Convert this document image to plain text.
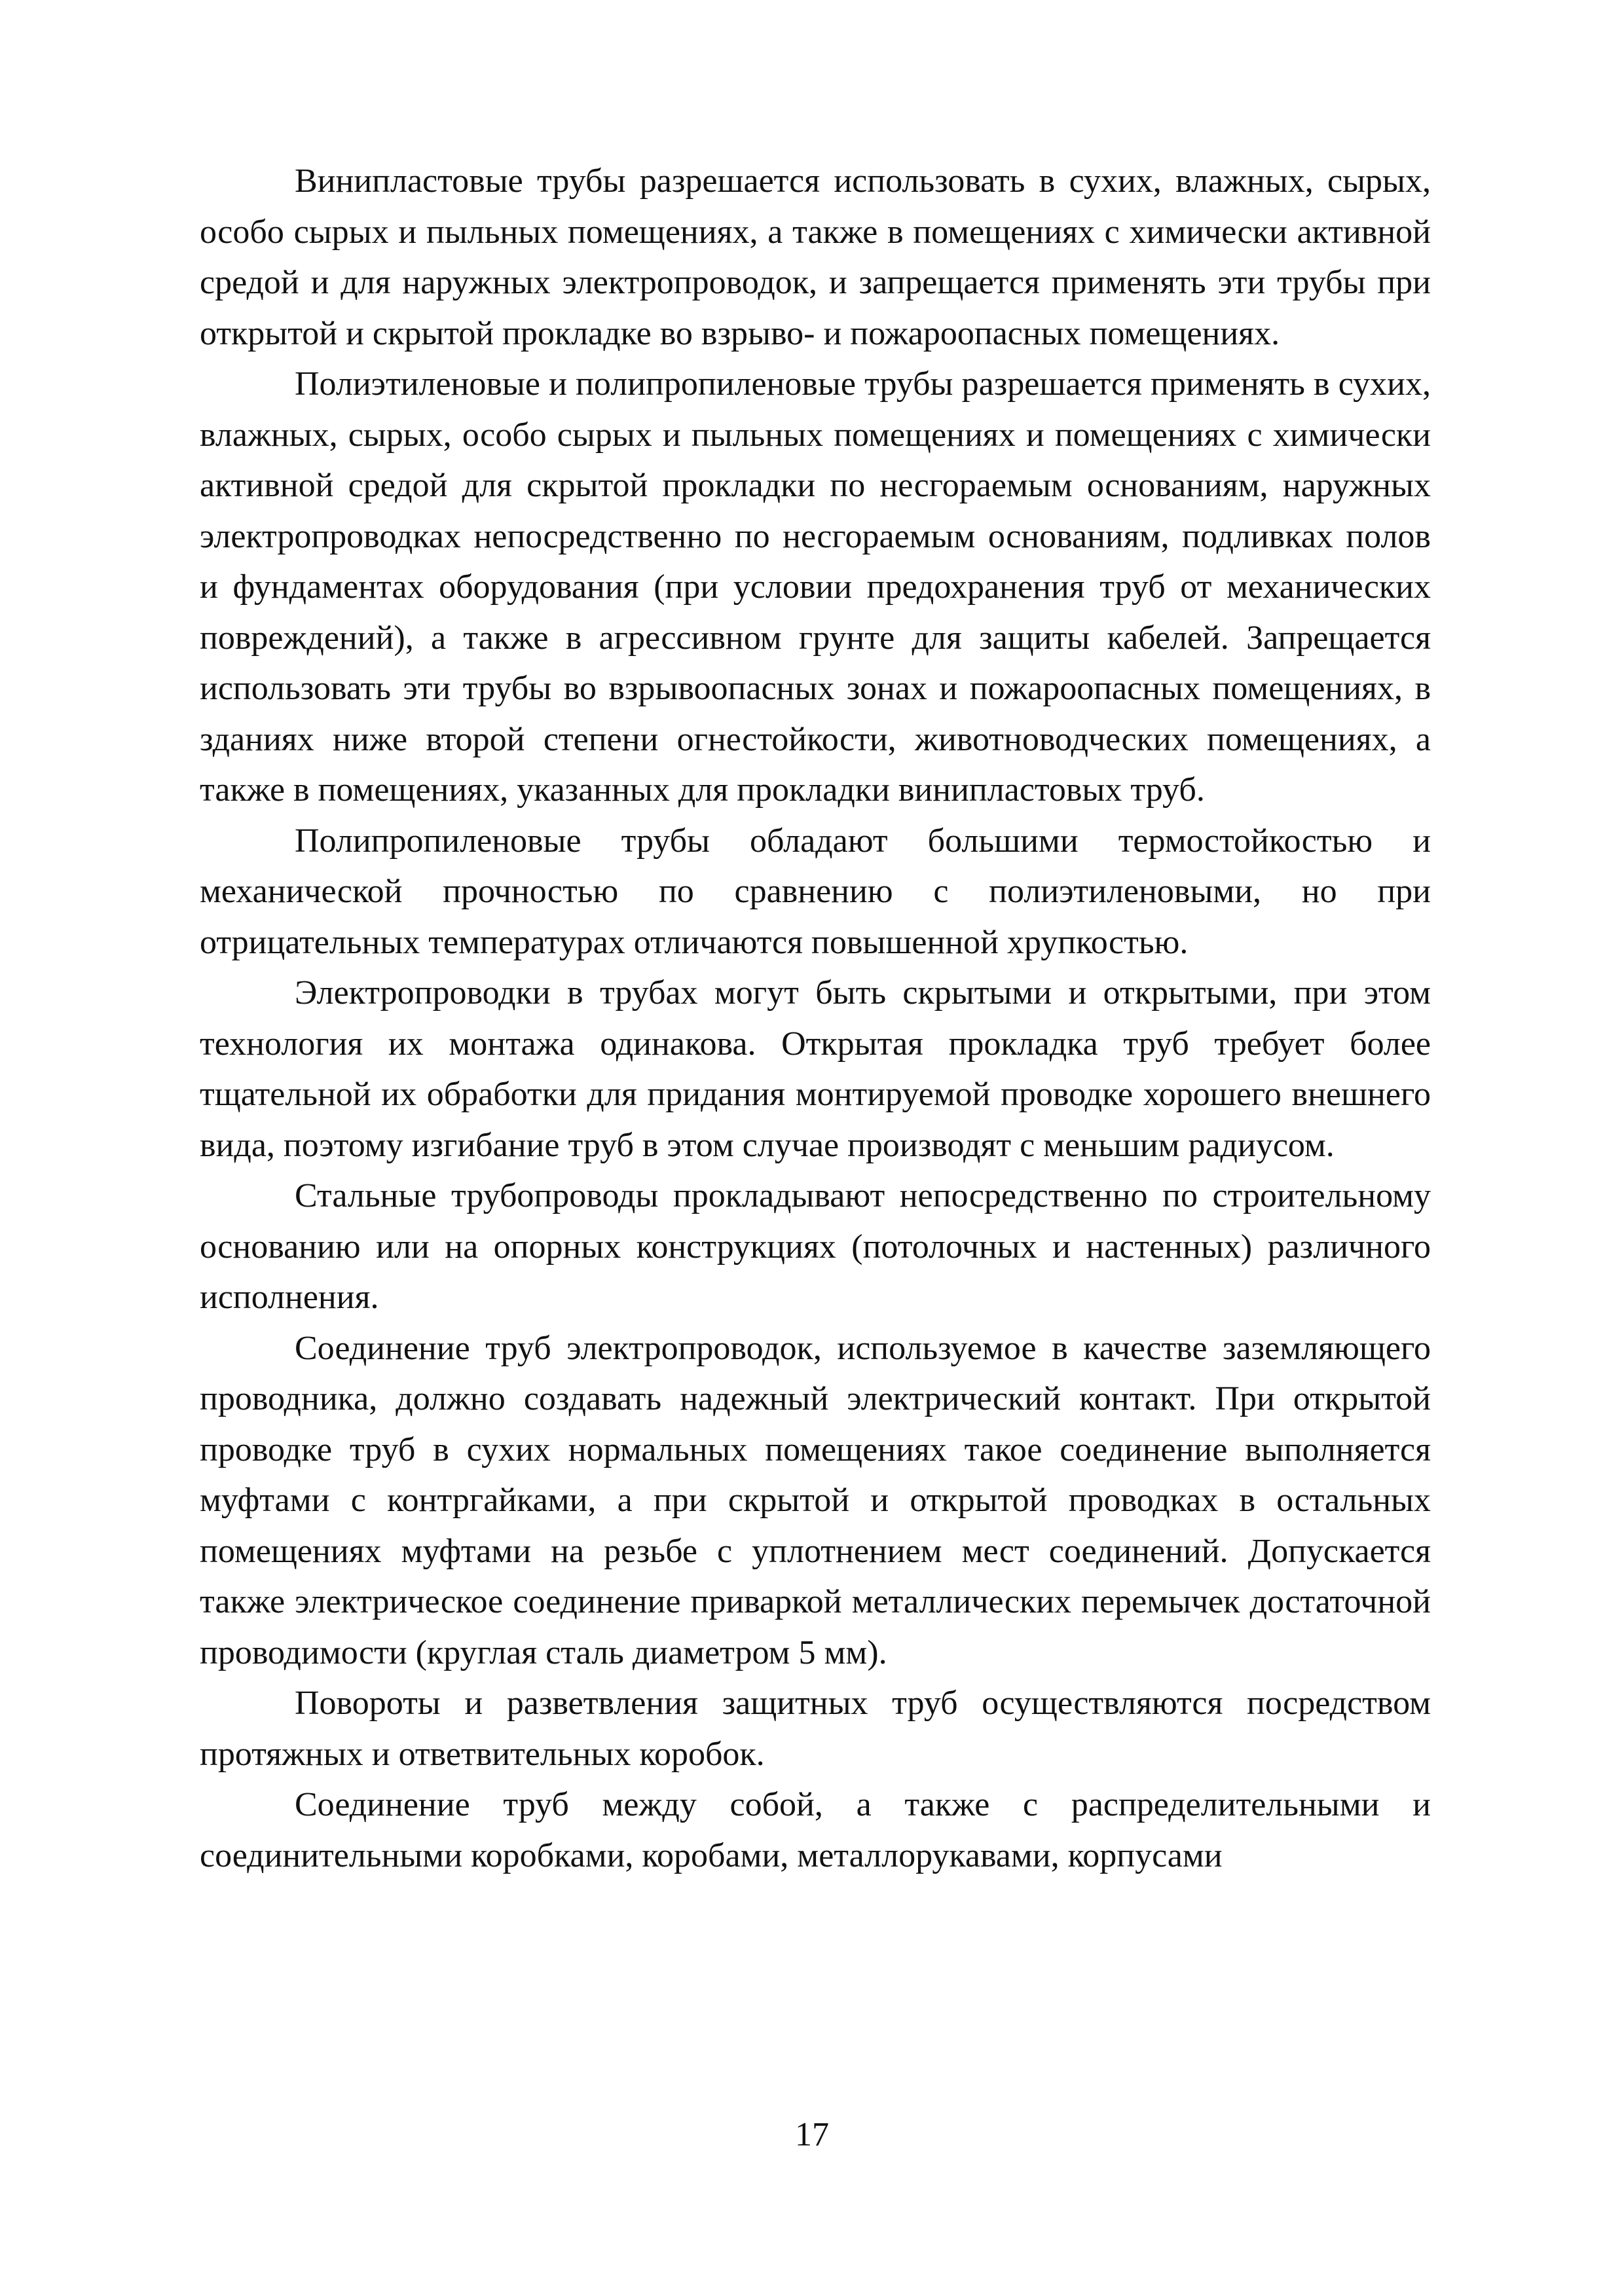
Винипластовые трубы разрешается использовать в сухих, влажных, сырых, особо сырых и пыльных помещениях, а также в помещениях с химически активной средой и для наружных электропроводок, и запрещается применять эти трубы при открытой и скрытой прокладке во взрыво- и пожароопасных помещениях.

Полиэтиленовые и полипропиленовые трубы разрешается применять в сухих, влажных, сырых, особо сырых и пыльных помещениях и помещениях с химически активной средой для скрытой прокладки по несгораемым основаниям, наружных электропроводках непосредственно по несгораемым основаниям, подливках полов и фундаментах оборудования (при условии предохранения труб от механических повреждений), а также в агрессивном грунте для защиты кабелей. Запрещается использовать эти трубы во взрывоопасных зонах и пожароопасных помещениях, в зданиях ниже второй степени огнестойкости, животноводческих помещениях, а также в помещениях, указанных для прокладки винипластовых труб.

Полипропиленовые трубы обладают большими термостойкостью и механической прочностью по сравнению с полиэтиленовыми, но при отрицательных температурах отличаются повышенной хрупкостью.

Электропроводки в трубах могут быть скрытыми и открытыми, при этом технология их монтажа одинакова. Открытая прокладка труб требует более тщательной их обработки для придания монтируемой проводке хорошего внешнего вида, поэтому изгибание труб в этом случае производят с меньшим радиусом.

Стальные трубопроводы прокладывают непосредственно по строительному основанию или на опорных конструкциях (потолочных и настенных) различного исполнения.

Соединение труб электропроводок, используемое в качестве заземляющего проводника, должно создавать надежный электрический контакт. При открытой проводке труб в сухих нормальных помещениях такое соединение выполняется муфтами с контргайками, а при скрытой и открытой проводках в остальных помещениях муфтами на резьбе с уплотнением мест соединений. Допускается также электрическое соединение приваркой металлических перемычек достаточной проводимости (круглая сталь диаметром 5 мм).

Повороты и разветвления защитных труб осуществляются посредством протяжных и ответвительных коробок.

Соединение труб между собой, а также с распределительными и соединительными коробками, коробами, металлорукавами, корпусами

17
